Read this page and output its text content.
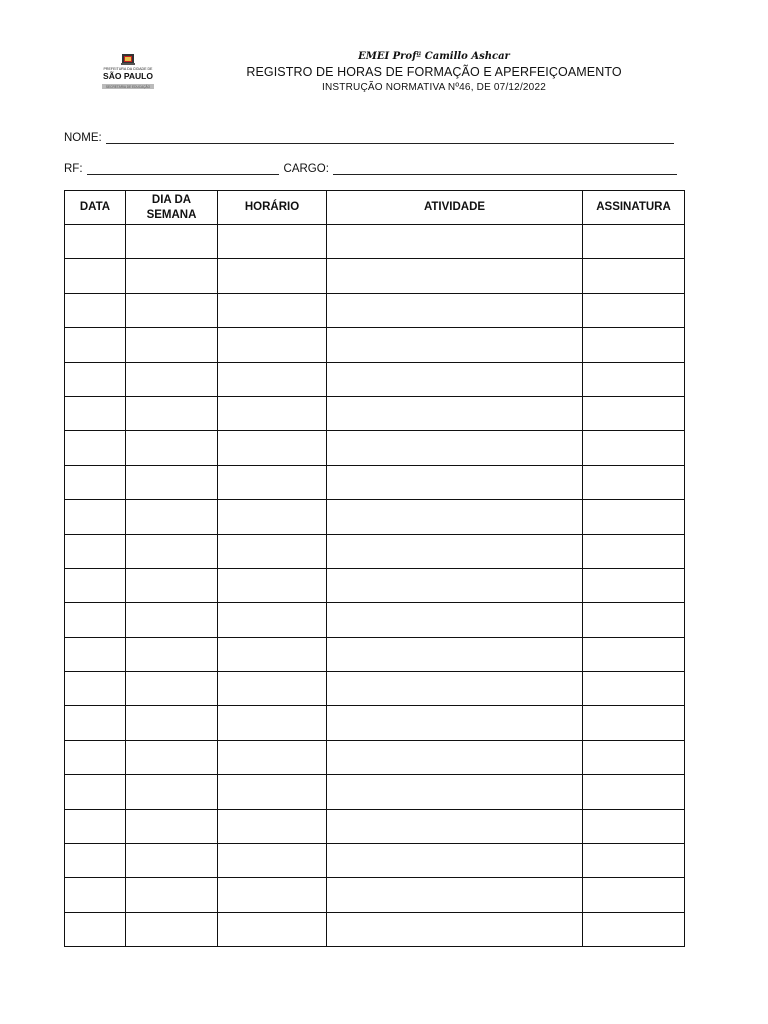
PREFEITURA DA CIDADE DE
SÃO PAULO
SECRETARIA DE EDUCAÇÃO
EMEI Profª Camillo Ashcar
REGISTRO DE HORAS DE FORMAÇÃO E APERFEIÇOAMENTO
INSTRUÇÃO NORMATIVA Nº46, DE 07/12/2022
NOME:
RF:	CARGO:
DATA	DIA DA SEMANA	HORÁRIO	ATIVIDADE	ASSINATURA
